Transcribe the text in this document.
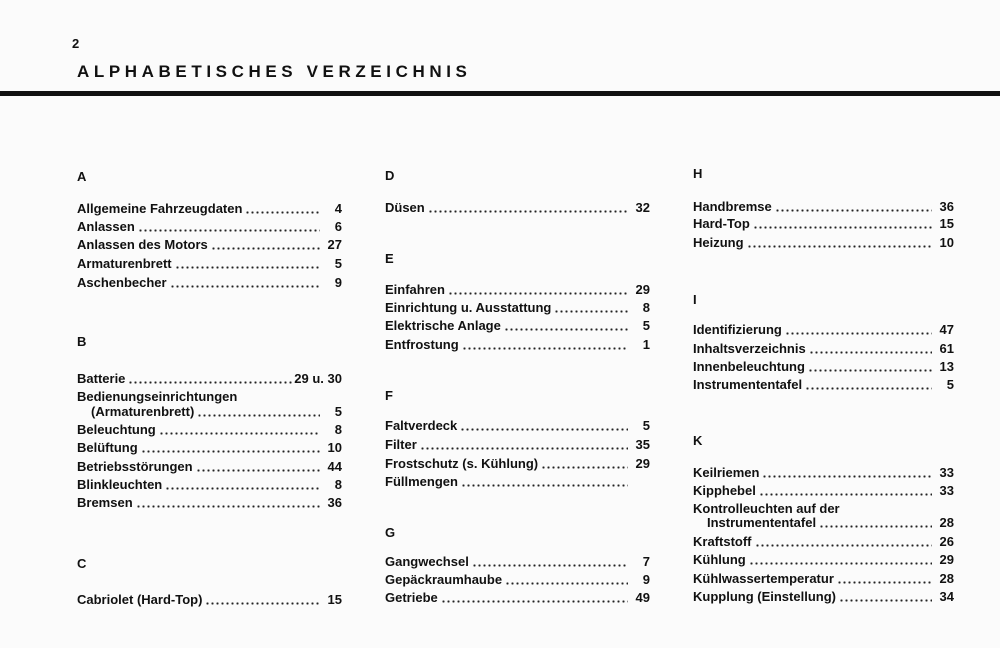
2
ALPHABETISCHES VERZEICHNIS
A
Allgemeine Fahrzeugdaten	4
Anlassen	6
Anlassen des Motors	27
Armaturenbrett	5
Aschenbecher	9
B
Batterie	29 u. 30
Bedienungseinrichtungen
(Armaturenbrett)	5
Beleuchtung	8
Belüftung	10
Betriebsstörungen	44
Blinkleuchten	8
Bremsen	36
C
Cabriolet (Hard-Top)	15
D
Düsen	32
E
Einfahren	29
Einrichtung u. Ausstattung	8
Elektrische Anlage	5
Entfrostung	1
F
Faltverdeck	5
Filter	35
Frostschutz (s. Kühlung)	29
Füllmengen
G
Gangwechsel	7
Gepäckraumhaube	9
Getriebe	49
H
Handbremse	36
Hard-Top	15
Heizung	10
I
Identifizierung	47
Inhaltsverzeichnis	61
Innenbeleuchtung	13
Instrumententafel	5
K
Keilriemen	33
Kipphebel	33
Kontrolleuchten auf der
Instrumententafel	28
Kraftstoff	26
Kühlung	29
Kühlwassertemperatur	28
Kupplung (Einstellung)	34
